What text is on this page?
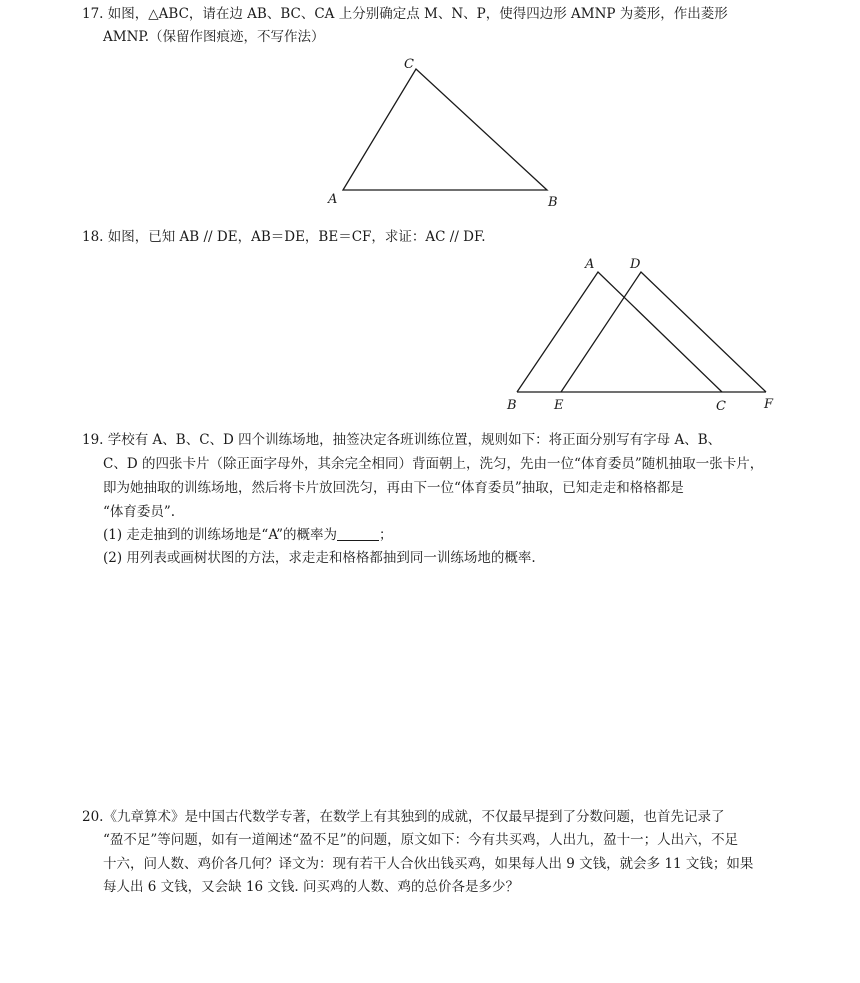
17. 如图，△ABC，请在边 AB、BC、CA 上分别确定点 M、N、P，使得四边形 AMNP 为菱形，作出菱形
AMNP.（保留作图痕迹，不写作法）
18. 如图，已知 AB // DE，AB＝DE，BE＝CF，求证：AC // DF.
19. 学校有 A、B、C、D 四个训练场地，抽签决定各班训练位置，规则如下：将正面分别写有字母 A、B、
C、D 的四张卡片（除正面字母外，其余完全相同）背面朝上，洗匀，先由一位“体育委员”随机抽取一张卡片，
即为她抽取的训练场地，然后将卡片放回洗匀，再由下一位“体育委员”抽取，已知走走和格格都是
“体育委员”.
(1) 走走抽到的训练场地是“A”的概率为	；
(2) 用列表或画树状图的方法，求走走和格格都抽到同一训练场地的概率.
20.《九章算术》是中国古代数学专著，在数学上有其独到的成就，不仅最早提到了分数问题，也首先记录了
“盈不足”等问题，如有一道阐述“盈不足”的问题，原文如下：今有共买鸡，人出九，盈十一；人出六，不足
十六，问人数、鸡价各几何？译文为：现有若干人合伙出钱买鸡，如果每人出 9 文钱，就会多 11 文钱；如果
每人出 6 文钱，又会缺 16 文钱. 问买鸡的人数、鸡的总价各是多少？
A	B
C
A	D
B	E	C	F
